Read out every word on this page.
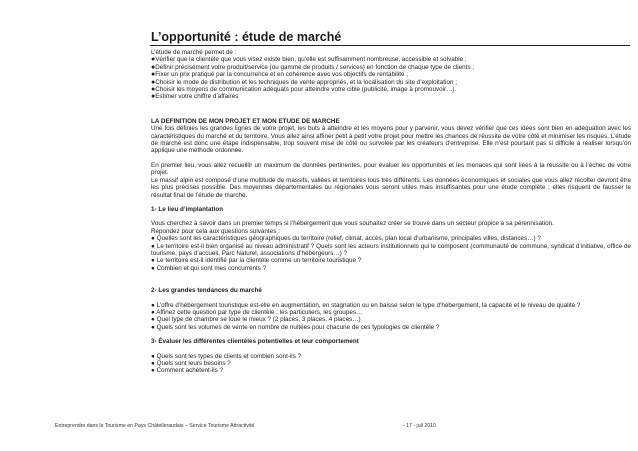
L’opportunité : étude de marché

L’étude de marché permet de :

●Vérifier que la clientèle que vous visez existe bien, qu’elle est suffisamment nombreuse, accessible et solvable ;

●Définir précisément votre produit/service (ou gamme de produits / services) en fonction de chaque type de clients ;

●Fixer un prix pratiqué par la concurrence et en cohérence avec vos objectifs de rentabilité ;

●Choisir le mode de distribution et les techniques de vente appropriés, et la localisation du site d’exploitation ;

●Choisir les moyens de communication adéquats pour atteindre votre cible (publicité, image à promouvoir…).

●Estimer votre chiffre d’affaires

LA DEFINITION DE MON PROJET ET MON ETUDE DE MARCHE

Une fois définies les grandes lignes de votre projet, les buts à atteindre et les moyens pour y parvenir, vous devez vérifier que ces idées sont bien en adéquation avec les caractéristiques du marché et du territoire. Vous allez ainsi affiner petit à petit votre projet pour mettre les chances de réussite de votre côté et minimiser les risques. L’étude de marché est donc une étape indispensable, trop souvent mise de côté ou survolée par les créateurs d’entreprise. Elle n’est pourtant pas si difficile à réaliser lorsqu’on applique une méthode ordonnée.

En premier lieu, vous allez recueillir un maximum de données pertinentes, pour évaluer les opportunités et les menaces qui sont liées à la réussite ou à l’échec de votre projet.

Le massif alpin est composé d’une multitude de massifs, vallées et territoires tous très différents. Les données économiques et sociales que vous allez récolter devront être les plus précises possible. Des moyennes départementales ou régionales vous seront utiles mais insuffisantes pour une étude complète ; elles risquent de fausser le résultat final de l’étude de marché.

1- Le lieu d’implantation

Vous cherchez à savoir dans un premier temps si l’hébergement que vous souhaitez créer se trouve dans un secteur propice à sa pérennisation.

Répondez pour cela aux questions suivantes :

● Quelles sont les caractéristiques géographiques du territoire (relief, climat, accès, plan local d’urbanisme, principales villes, distances…) ?

● Le territoire est-il bien organisé au niveau administratif ? Quels sont les acteurs institutionnels qui le composent (communauté de commune, syndicat d’initiative, office de tourisme, pays d’accueil, Parc Naturel, associations d’hébergeurs…) ?

● Le territoire est-il identifié par la clientèle comme un territoire touristique ?

● Combien et qui sont mes concurrents ?

2- Les grandes tendances du marché

● L’offre d’hébergement touristique est-elle en augmentation, en stagnation ou en baisse selon le type d’hébergement, la capacité et le niveau de qualité ?

● Affinez cette question par type de clientèle : les particuliers, les groupes…

● Quel type de chambre se loue le mieux ? (2 places, 3 places, 4 places…)

● Quels sont les volumes de vente en nombre de nuitées pour chacune de ces typologies de clientèle ?

3- Évaluer les différentes clientèles potentielles et leur comportement

● Quels sont les types de clients et combien sont-ils ?

● Quels sont leurs besoins ?

● Comment achètent-ils ?

Entreprendre dans le Tourisme en Pays Châtelleraudais – Service Tourisme Attractivité	- 17 - juil 2010
